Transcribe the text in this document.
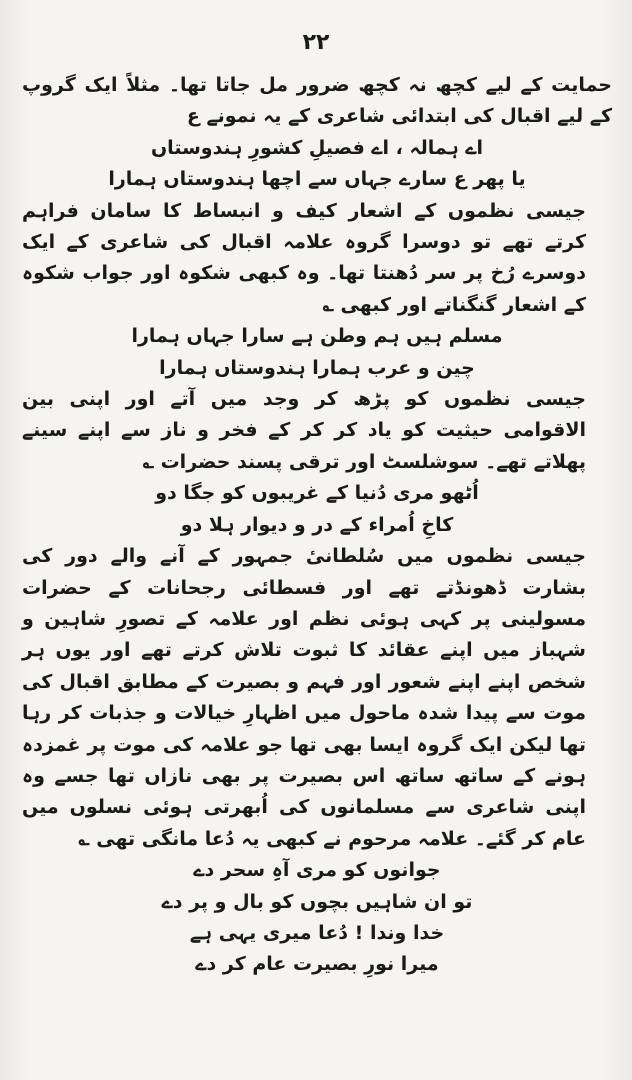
۲۲

حمایت کے لیے کچھ نہ کچھ ضرور مل جاتا تھا۔ مثلاً ایک گروپ کے لیے اقبال کی ابتدائی شاعری کے یہ نمونے ع

اے ہمالہ ، اے فصیلِ کشورِ ہندوستاں

یا پھر ع سارے جہاں سے اچھا ہندوستاں ہمارا

جیسی نظموں کے اشعار کیف و انبساط کا سامان فراہم کرتے تھے تو دوسرا گروہ علامہ اقبال کی شاعری کے ایک دوسرے رُخ پر سر دُھنتا تھا۔ وہ کبھی شکوہ اور جواب شکوہ کے اشعار گنگناتے اور کبھی ؎

مسلم ہیں ہم وطن ہے سارا جہاں ہمارا

چین و عرب ہمارا ہندوستاں ہمارا

جیسی نظموں کو پڑھ کر وجد میں آتے اور اپنی بین الاقوامی حیثیت کو یاد کر کر کے فخر و ناز سے اپنے سینے پھلاتے تھے۔ سوشلسٹ اور ترقی پسند حضرات ؎

اُٹھو مری دُنیا کے غریبوں کو جگا دو

کاخِ اُمراء کے در و دیوار ہلا دو

جیسی نظموں میں سُلطانیٔ جمہور کے آنے والے دور کی بشارت ڈھونڈتے تھے اور فسطائی رجحانات کے حضرات مسولینی پر کہی ہوئی نظم اور علامہ کے تصورِ شاہین و شہباز میں اپنے عقائد کا ثبوت تلاش کرتے تھے اور یوں ہر شخص اپنے اپنے شعور اور فہم و بصیرت کے مطابق اقبال کی موت سے پیدا شدہ ماحول میں اظہارِ خیالات و جذبات کر رہا تھا لیکن ایک گروہ ایسا بھی تھا جو علامہ کی موت پر غمزدہ ہونے کے ساتھ ساتھ اس بصیرت پر بھی نازاں تھا جسے وہ اپنی شاعری سے مسلمانوں کی اُبھرتی ہوئی نسلوں میں عام کر گئے۔ علامہ مرحوم نے کبھی یہ دُعا مانگی تھی ؎

جوانوں کو مری آہِ سحر دے

تو ان شاہیں بچوں کو بال و پر دے

خدا وندا ! دُعا میری یہی ہے

میرا نورِ بصیرت عام کر دے
